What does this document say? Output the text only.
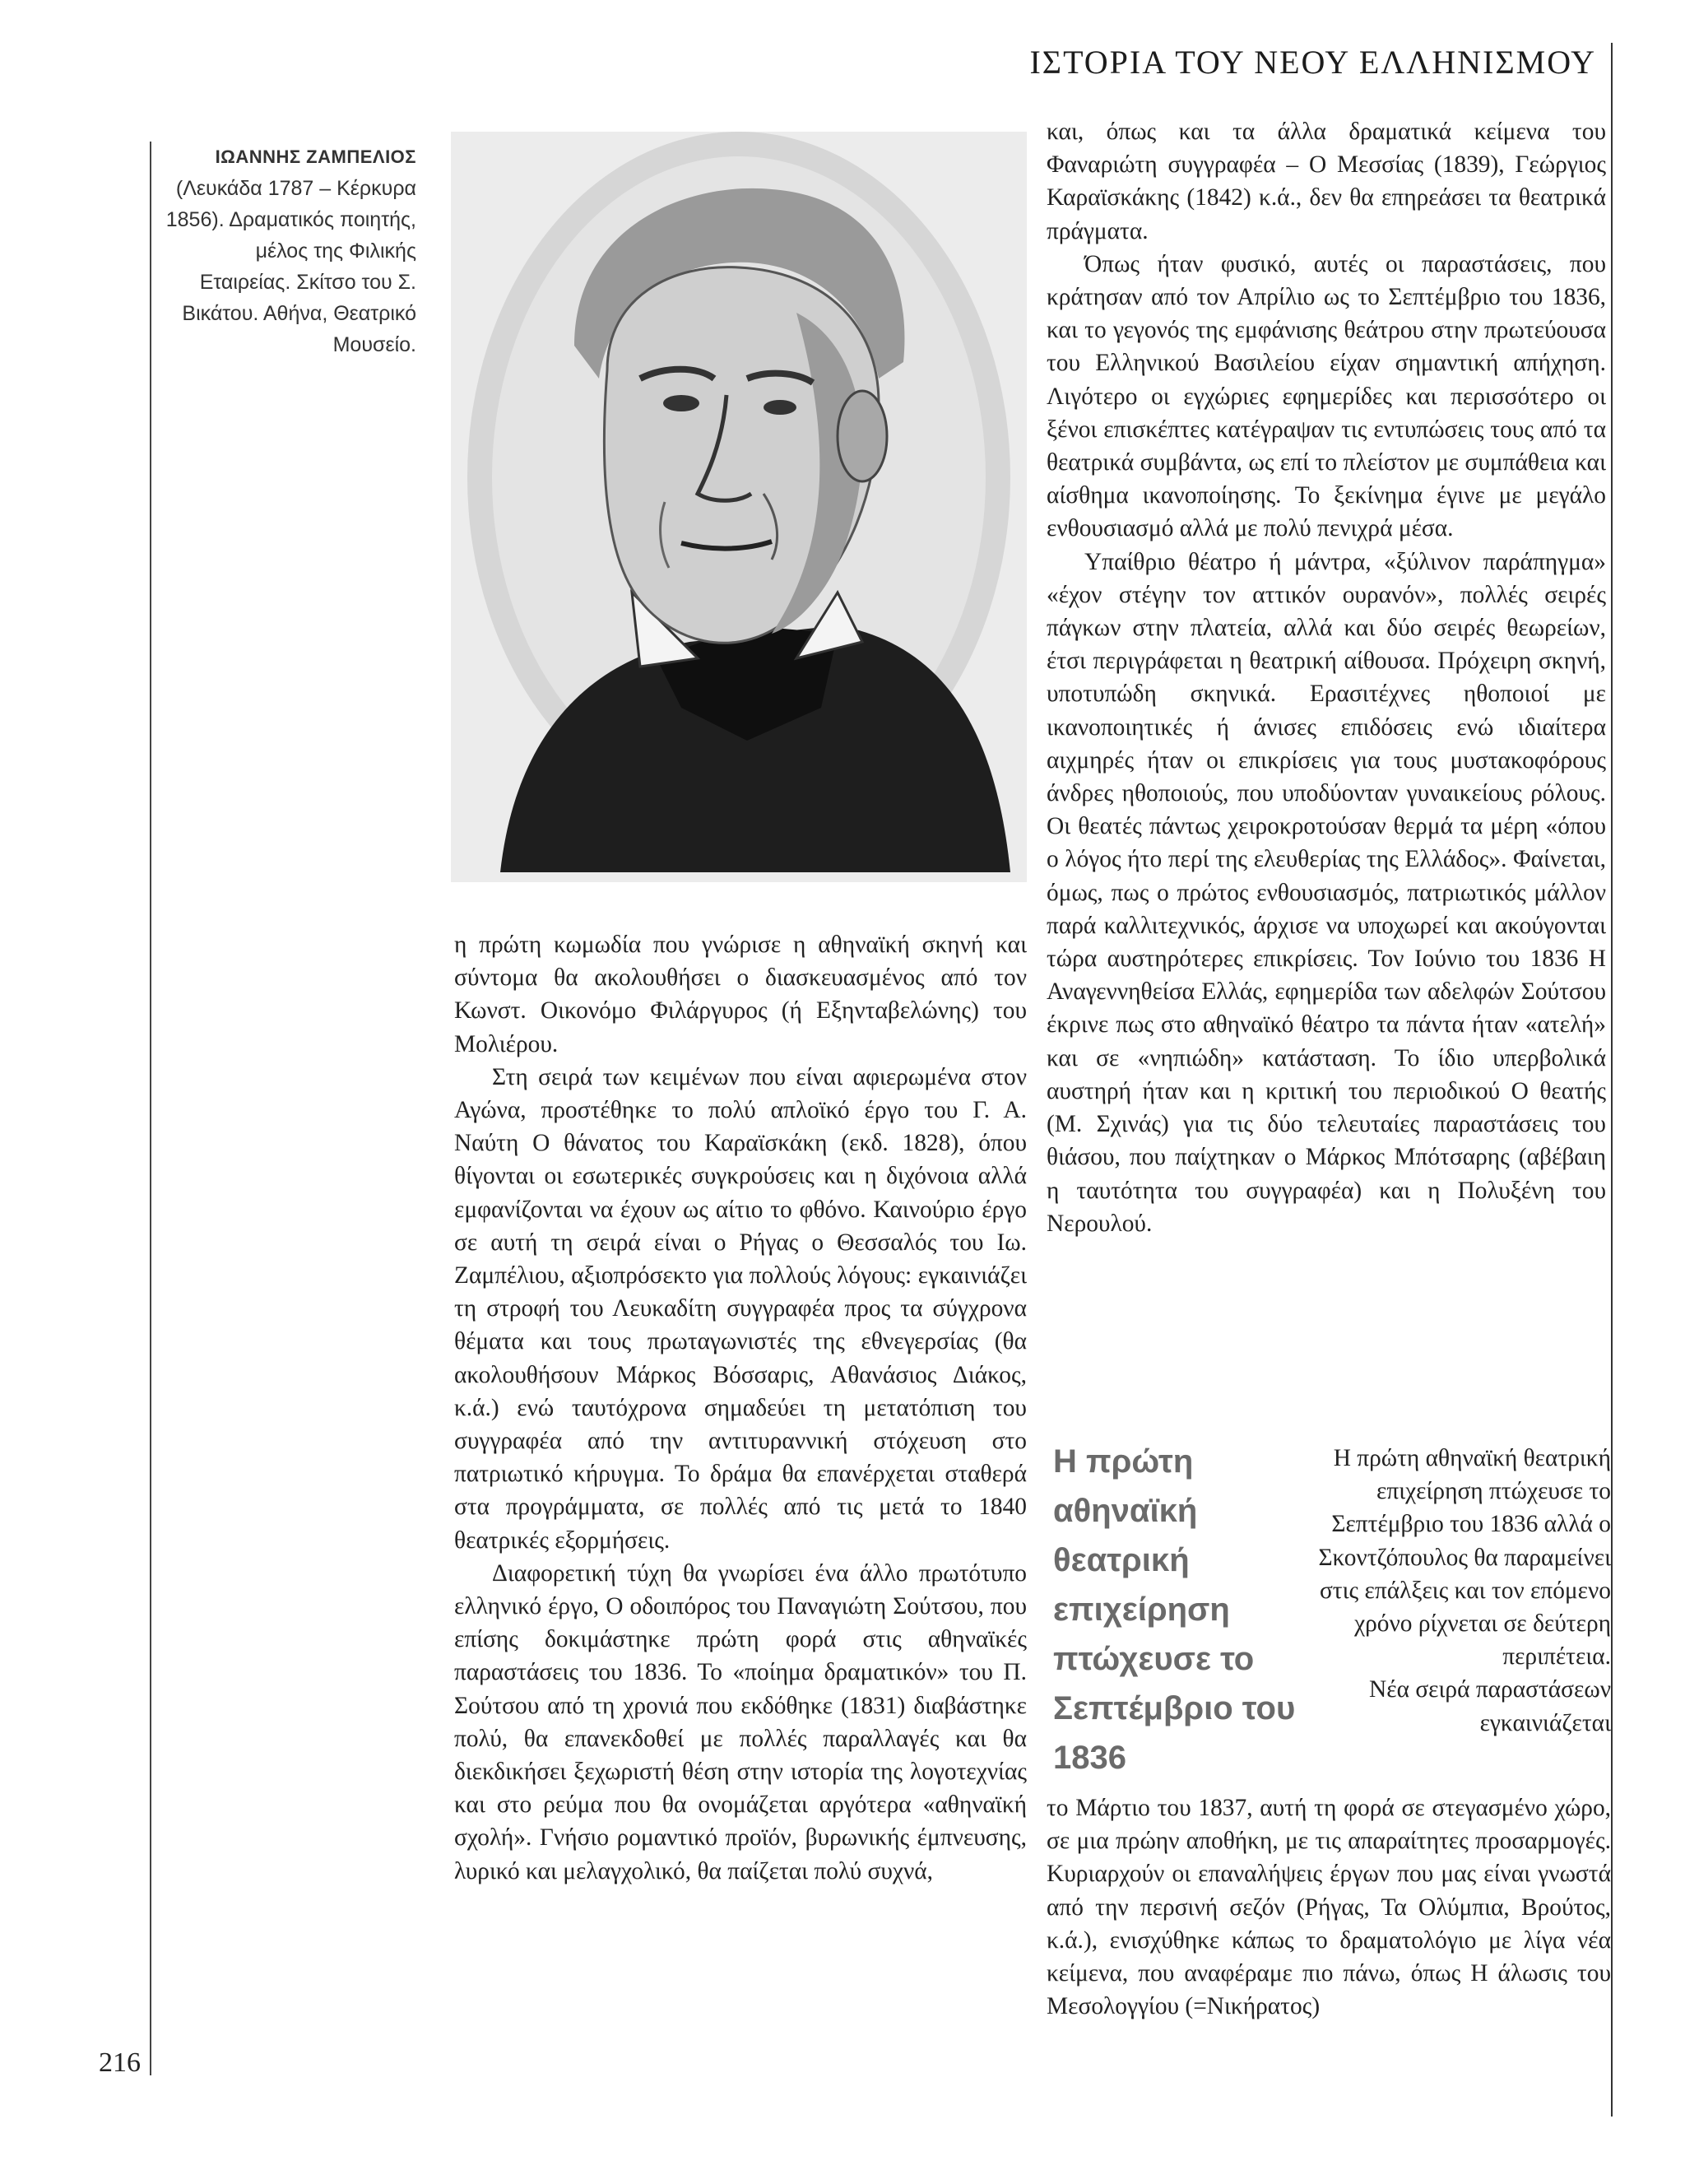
ΙΣΤΟΡΙΑ ΤΟΥ ΝΕΟΥ ΕΛΛΗΝΙΣΜΟΥ
216
ΙΩΑΝΝΗΣ ΖΑΜΠΕΛΙΟΣ
(Λευκάδα 1787 – Κέρκυρα 1856). Δραματικός ποιητής, μέλος της Φιλικής Εταιρείας. Σκίτσο του Σ. Βικάτου. Αθήνα, Θεατρικό Μουσείο.

η πρώτη κωμωδία που γνώρισε η αθηναϊκή σκηνή και σύντομα θα ακολουθήσει ο διασκευασμένος από τον Κωνστ. Οικονόμο Φιλάργυρος (ή Εξηνταβελώνης) του Μολιέρου.

Στη σειρά των κειμένων που είναι αφιερωμένα στον Αγώνα, προστέθηκε το πολύ απλοϊκό έργο του Γ. Α. Ναύτη Ο θάνατος του Καραϊσκάκη (εκδ. 1828), όπου θίγονται οι εσωτερικές συγκρούσεις και η διχόνοια αλλά εμφανίζονται να έχουν ως αίτιο το φθόνο. Καινούριο έργο σε αυτή τη σειρά είναι ο Ρήγας ο Θεσσαλός του Ιω. Ζαμπέλιου, αξιοπρόσεκτο για πολλούς λόγους: εγκαινιάζει τη στροφή του Λευκαδίτη συγγραφέα προς τα σύγχρονα θέματα και τους πρωταγωνιστές της εθνεγερσίας (θα ακολουθήσουν Μάρκος Βόσσαρις, Αθανάσιος Διάκος, κ.ά.) ενώ ταυτόχρονα σημαδεύει τη μετατόπιση του συγγραφέα από την αντιτυραννική στόχευση στο πατριωτικό κήρυγμα. Το δράμα θα επανέρχεται σταθερά στα προγράμματα, σε πολλές από τις μετά το 1840 θεατρικές εξορμήσεις.

Διαφορετική τύχη θα γνωρίσει ένα άλλο πρωτότυπο ελληνικό έργο, Ο οδοιπόρος του Παναγιώτη Σούτσου, που επίσης δοκιμάστηκε πρώτη φορά στις αθηναϊκές παραστάσεις του 1836. Το «ποίημα δραματικόν» του Π. Σούτσου από τη χρονιά που εκδόθηκε (1831) διαβάστηκε πολύ, θα επανεκδοθεί με πολλές παραλλαγές και θα διεκδικήσει ξεχωριστή θέση στην ιστορία της λογοτεχνίας και στο ρεύμα που θα ονομάζεται αργότερα «αθηναϊκή σχολή». Γνήσιο ρομαντικό προϊόν, βυρωνικής έμπνευσης, λυρικό και μελαγχολικό, θα παίζεται πολύ συχνά,

και, όπως και τα άλλα δραματικά κείμενα του Φαναριώτη συγγραφέα – Ο Μεσσίας (1839), Γεώργιος Καραϊσκάκης (1842) κ.ά., δεν θα επηρεάσει τα θεατρικά πράγματα.

Όπως ήταν φυσικό, αυτές οι παραστάσεις, που κράτησαν από τον Απρίλιο ως το Σεπτέμβριο του 1836, και το γεγονός της εμφάνισης θεάτρου στην πρωτεύουσα του Ελληνικού Βασιλείου είχαν σημαντική απήχηση. Λιγότερο οι εγχώριες εφημερίδες και περισσότερο οι ξένοι επισκέπτες κατέγραψαν τις εντυπώσεις τους από τα θεατρικά συμβάντα, ως επί το πλείστον με συμπάθεια και αίσθημα ικανοποίησης. Το ξεκίνημα έγινε με μεγάλο ενθουσιασμό αλλά με πολύ πενιχρά μέσα.

Υπαίθριο θέατρο ή μάντρα, «ξύλινον παράπηγμα» «έχον στέγην τον αττικόν ουρανόν», πολλές σειρές πάγκων στην πλατεία, αλλά και δύο σειρές θεωρείων, έτσι περιγράφεται η θεατρική αίθουσα. Πρόχειρη σκηνή, υποτυπώδη σκηνικά. Ερασιτέχνες ηθοποιοί με ικανοποιητικές ή άνισες επιδόσεις ενώ ιδιαίτερα αιχμηρές ήταν οι επικρίσεις για τους μυστακοφόρους άνδρες ηθοποιούς, που υποδύονταν γυναικείους ρόλους. Οι θεατές πάντως χειροκροτούσαν θερμά τα μέρη «όπου ο λόγος ήτο περί της ελευθερίας της Ελλάδος». Φαίνεται, όμως, πως ο πρώτος ενθουσιασμός, πατριωτικός μάλλον παρά καλλιτεχνικός, άρχισε να υποχωρεί και ακούγονται τώρα αυστηρότερες επικρίσεις. Τον Ιούνιο του 1836 Η Αναγεννηθείσα Ελλάς, εφημερίδα των αδελφών Σούτσου έκρινε πως στο αθηναϊκό θέατρο τα πάντα ήταν «ατελή» και σε «νηπιώδη» κατάσταση. Το ίδιο υπερβολικά αυστηρή ήταν και η κριτική του περιοδικού Ο θεατής (Μ. Σχινάς) για τις δύο τελευταίες παραστάσεις του θιάσου, που παίχτηκαν ο Μάρκος Μπότσαρης (αβέβαιη η ταυτότητα του συγγραφέα) και η Πολυξένη του Νερουλού.

Η πρώτη αθηναϊκή θεατρική επιχείρηση πτώχευσε το Σεπτέμβριο του 1836

Η πρώτη αθηναϊκή θεατρική επιχείρηση πτώχευσε το Σεπτέμβριο του 1836 αλλά ο Σκοντζόπουλος θα παραμείνει στις επάλξεις και τον επόμενο χρόνο ρίχνεται σε δεύτερη περιπέτεια.

Νέα σειρά παραστάσεων εγκαινιάζεται

το Μάρτιο του 1837, αυτή τη φορά σε στεγασμένο χώρο, σε μια πρώην αποθήκη, με τις απαραίτητες προσαρμογές. Κυριαρχούν οι επαναλήψεις έργων που μας είναι γνωστά από την περσινή σεζόν (Ρήγας, Τα Ολύμπια, Βρούτος, κ.ά.), ενισχύθηκε κάπως το δραματολόγιο με λίγα νέα κείμενα, που αναφέραμε πιο πάνω, όπως Η άλωσις του Μεσολογγίου (=Νικήρατος)
